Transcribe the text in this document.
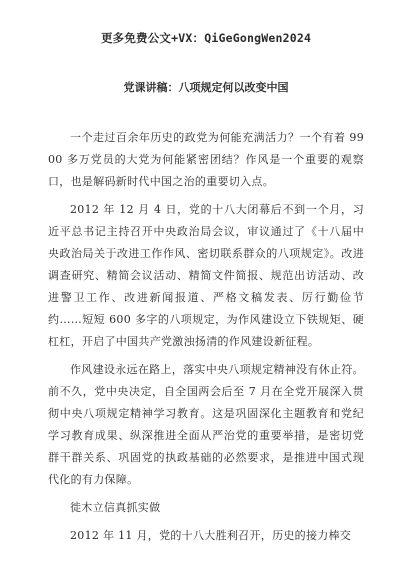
更多免费公文+VX：QiGeGongWen2024

党课讲稿：八项规定何以改变中国

一个走过百余年历史的政党为何能充满活力？一个有着 9900 多万党员的大党为何能紧密团结？作风是一个重要的观察口，也是解码新时代中国之治的重要切入点。

2012 年 12 月 4 日，党的十八大闭幕后不到一个月，习近平总书记主持召开中央政治局会议，审议通过了《十八届中央政治局关于改进工作作风、密切联系群众的八项规定》。改进调查研究、精简会议活动、精简文件简报、规范出访活动、改进警卫工作、改进新闻报道、严格文稿发表、厉行勤俭节约……短短 600 多字的八项规定，为作风建设立下铁规矩、硬杠杠，开启了中国共产党激浊扬清的作风建设新征程。

作风建设永远在路上，落实中央八项规定精神没有休止符。前不久，党中央决定，自全国两会后至 7 月在全党开展深入贯彻中央八项规定精神学习教育。这是巩固深化主题教育和党纪学习教育成果、纵深推进全面从严治党的重要举措，是密切党群干群关系、巩固党的执政基础的必然要求，是推进中国式现代化的有力保障。

徙木立信真抓实做

2012 年 11 月，党的十八大胜利召开，历史的接力棒交
